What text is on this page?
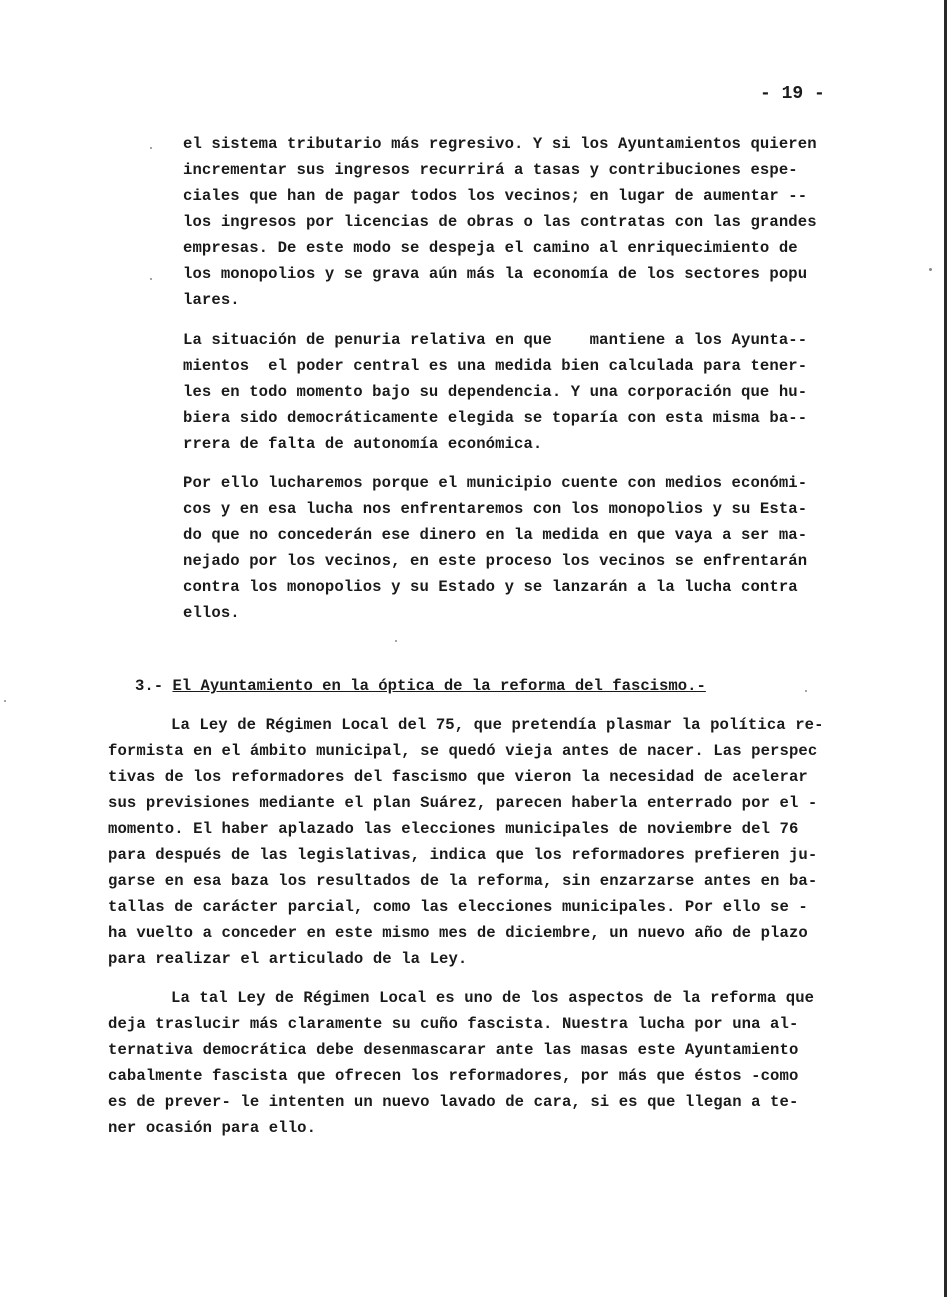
- 19 -
el sistema tributario más regresivo. Y si los Ayuntamientos quieren
incrementar sus ingresos recurrirá a tasas y contribuciones espe-
ciales que han de pagar todos los vecinos; en lugar de aumentar --
los ingresos por licencias de obras o las contratas con las grandes
empresas. De este modo se despeja el camino al enriquecimiento de
los monopolios y se grava aún más la economía de los sectores popu
lares.
La situación de penuria relativa en que    mantiene a los Ayunta--
mientos  el poder central es una medida bien calculada para tener-
les en todo momento bajo su dependencia. Y una corporación que hu-
biera sido democráticamente elegida se toparía con esta misma ba--
rrera de falta de autonomía económica.
Por ello lucharemos porque el municipio cuente con medios económi-
cos y en esa lucha nos enfrentaremos con los monopolios y su Esta-
do que no concederán ese dinero en la medida en que vaya a ser ma-
nejado por los vecinos, en este proceso los vecinos se enfrentarán
contra los monopolios y su Estado y se lanzarán a la lucha contra
ellos.
3.- El Ayuntamiento en la óptica de la reforma del fascismo.-
La Ley de Régimen Local del 75, que pretendía plasmar la política re-
formista en el ámbito municipal, se quedó vieja antes de nacer. Las perspec
tivas de los reformadores del fascismo que vieron la necesidad de acelerar
sus previsiones mediante el plan Suárez, parecen haberla enterrado por el -
momento. El haber aplazado las elecciones municipales de noviembre del 76
para después de las legislativas, indica que los reformadores prefieren ju-
garse en esa baza los resultados de la reforma, sin enzarzarse antes en ba-
tallas de carácter parcial, como las elecciones municipales. Por ello se -
ha vuelto a conceder en este mismo mes de diciembre, un nuevo año de plazo
para realizar el articulado de la Ley.
La tal Ley de Régimen Local es uno de los aspectos de la reforma que
deja traslucir más claramente su cuño fascista. Nuestra lucha por una al-
ternativa democrática debe desenmascarar ante las masas este Ayuntamiento
cabalmente fascista que ofrecen los reformadores, por más que éstos -como
es de prever- le intenten un nuevo lavado de cara, si es que llegan a te-
ner ocasión para ello.
